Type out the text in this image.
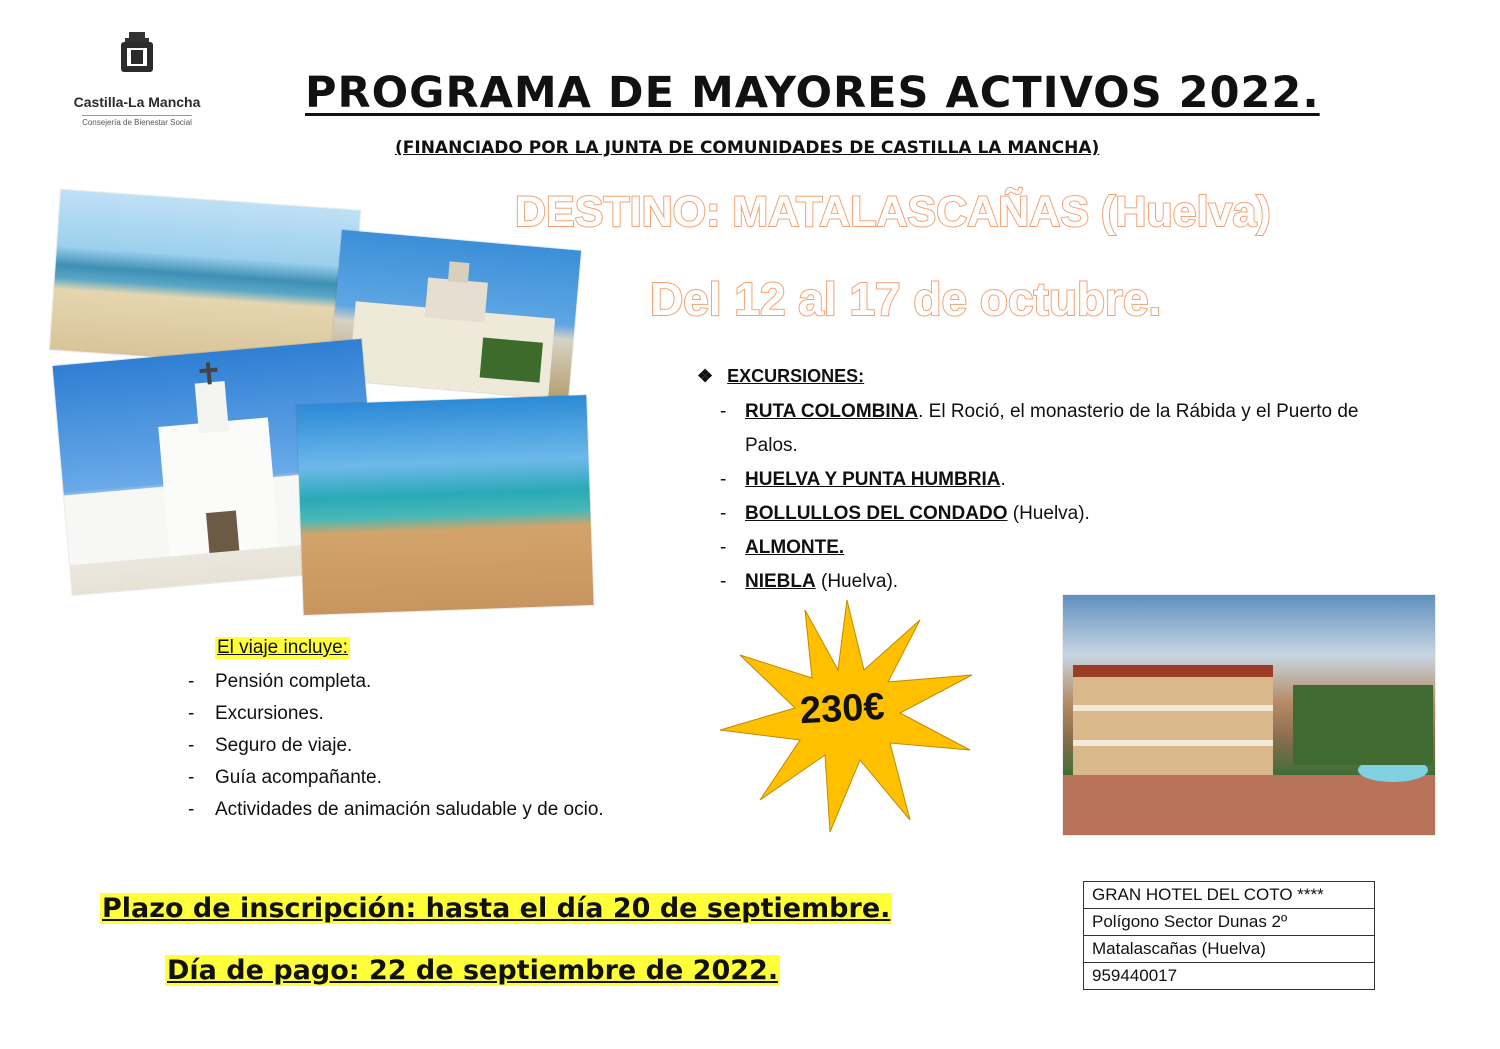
Castilla-La Mancha
Consejería de Bienestar Social
PROGRAMA DE MAYORES ACTIVOS 2022.
(FINANCIADO POR LA JUNTA DE COMUNIDADES DE CASTILLA LA MANCHA)
DESTINO: MATALASCAÑAS (Huelva)
Del 12 al 17 de octubre.
❖ EXCURSIONES:
- RUTA COLOMBINA. El Roció, el monasterio de la Rábida y el Puerto de Palos.
- HUELVA Y PUNTA HUMBRIA.
- BOLLULLOS DEL CONDADO (Huelva).
- ALMONTE.
- NIEBLA (Huelva).
El viaje incluye:
-	Pensión completa.
-	Excursiones.
-	Seguro de viaje.
-	Guía acompañante.
-	Actividades de animación saludable y de ocio.
230€
Plazo de inscripción: hasta el día 20 de septiembre.
Día de pago: 22 de septiembre de 2022.
GRAN HOTEL DEL COTO ****
Polígono Sector Dunas 2º
Matalascañas (Huelva)
959440017
